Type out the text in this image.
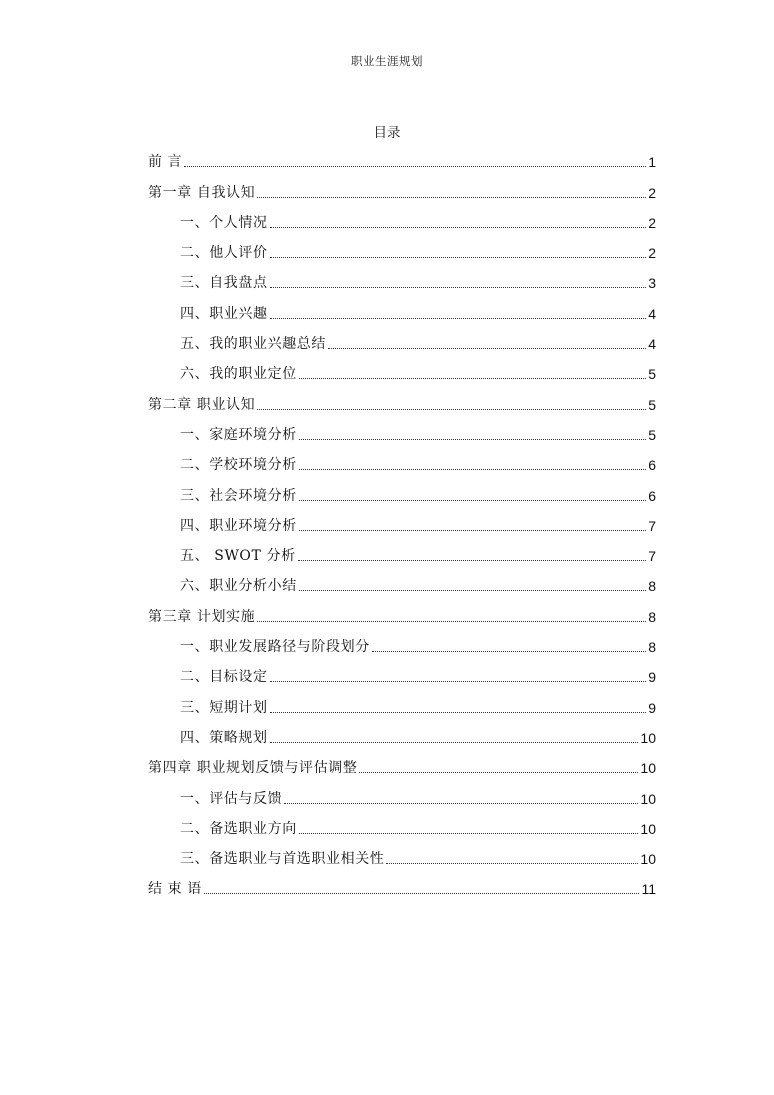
职业生涯规划
目录
前 言	1
第一章 自我认知	2
一、个人情况	2
二、他人评价	2
三、自我盘点	3
四、职业兴趣	4
五、我的职业兴趣总结	4
六、我的职业定位	5
第二章 职业认知	5
一、家庭环境分析	5
二、学校环境分析	6
三、社会环境分析	6
四、职业环境分析	7
五、 SWOT 分析	7
六、职业分析小结	8
第三章 计划实施	8
一、职业发展路径与阶段划分	8
二、目标设定	9
三、短期计划	9
四、策略规划	10
第四章 职业规划反馈与评估调整	10
一、评估与反馈	10
二、备选职业方向	10
三、备选职业与首选职业相关性	10
结 束 语	11
